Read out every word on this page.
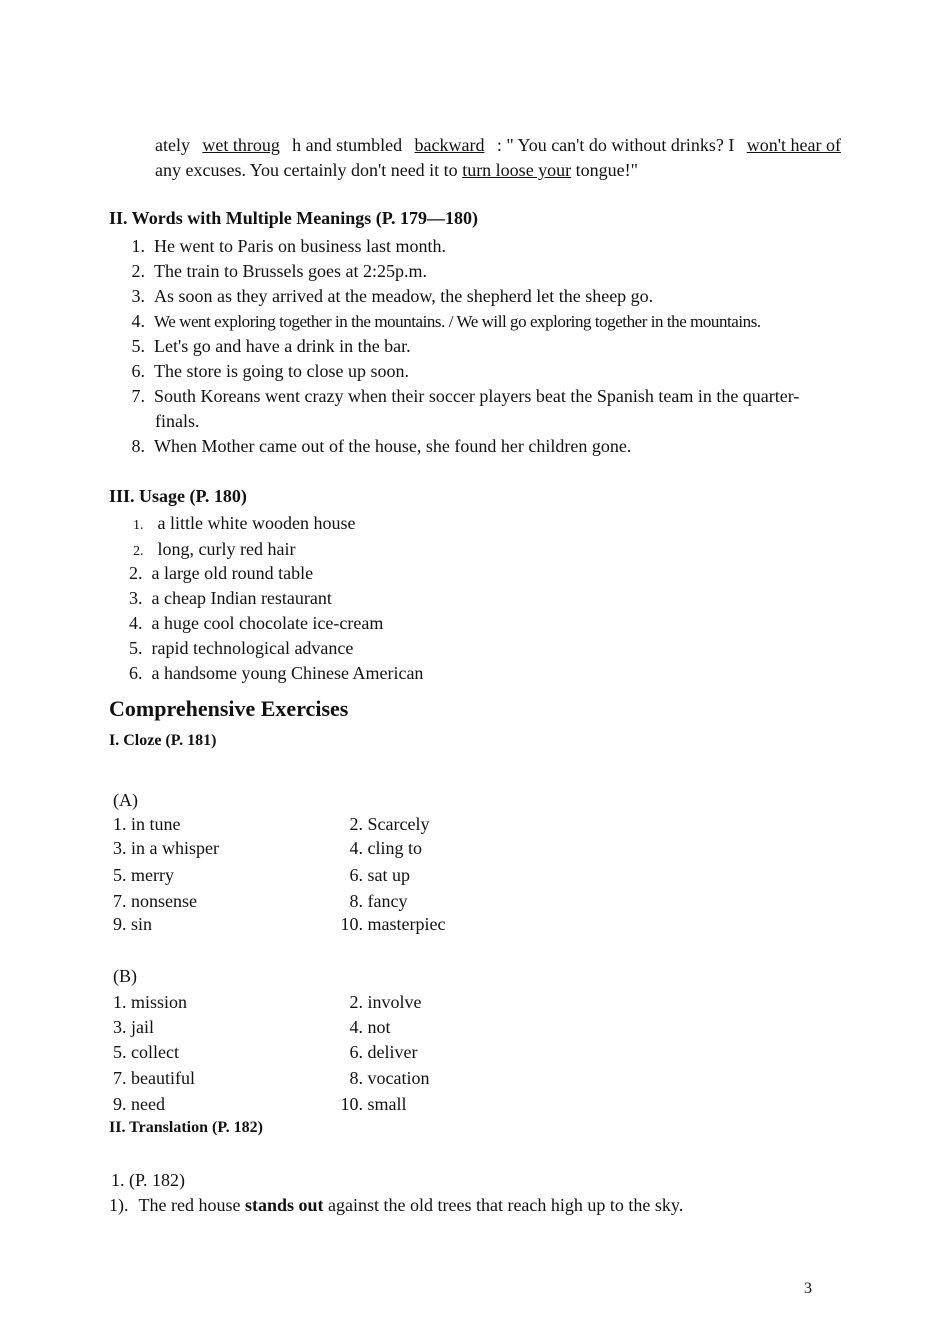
ately wet throug h and stumbled backward : " You can't do without drinks? I won't hear of
any excuses. You certainly don't need it to turn loose your tongue!"
II. Words with Multiple Meanings (P. 179—180)
1. He went to Paris on business last month.
2. The train to Brussels goes at 2:25p.m.
3. As soon as they arrived at the meadow, the shepherd let the sheep go.
4. We went exploring together in the mountains. / We will go exploring together in the mountains.
5. Let's go and have a drink in the bar.
6. The store is going to close up soon.
7. South Koreans went crazy when their soccer players beat the Spanish team in the quarter-
finals.
8. When Mother came out of the house, she found her children gone.
III. Usage (P. 180)
1. a little white wooden house
2. long, curly red hair
2. a large old round table
3. a cheap Indian restaurant
4. a huge cool chocolate ice-cream
5. rapid technological advance
6. a handsome young Chinese American
Comprehensive Exercises
I. Cloze (P. 181)
(A)
1. in tune
3. in a whisper
5. merry
7. nonsense
9. sin
2. Scarcely
4. cling to
6. sat up
8. fancy
10. masterpiec
(B)
1. mission
3. jail
5. collect
7. beautiful
9. need
2. involve
4. not
6. deliver
8. vocation
10. small
II. Translation (P. 182)
1. (P. 182)
1). The red house stands out against the old trees that reach high up to the sky.
3
